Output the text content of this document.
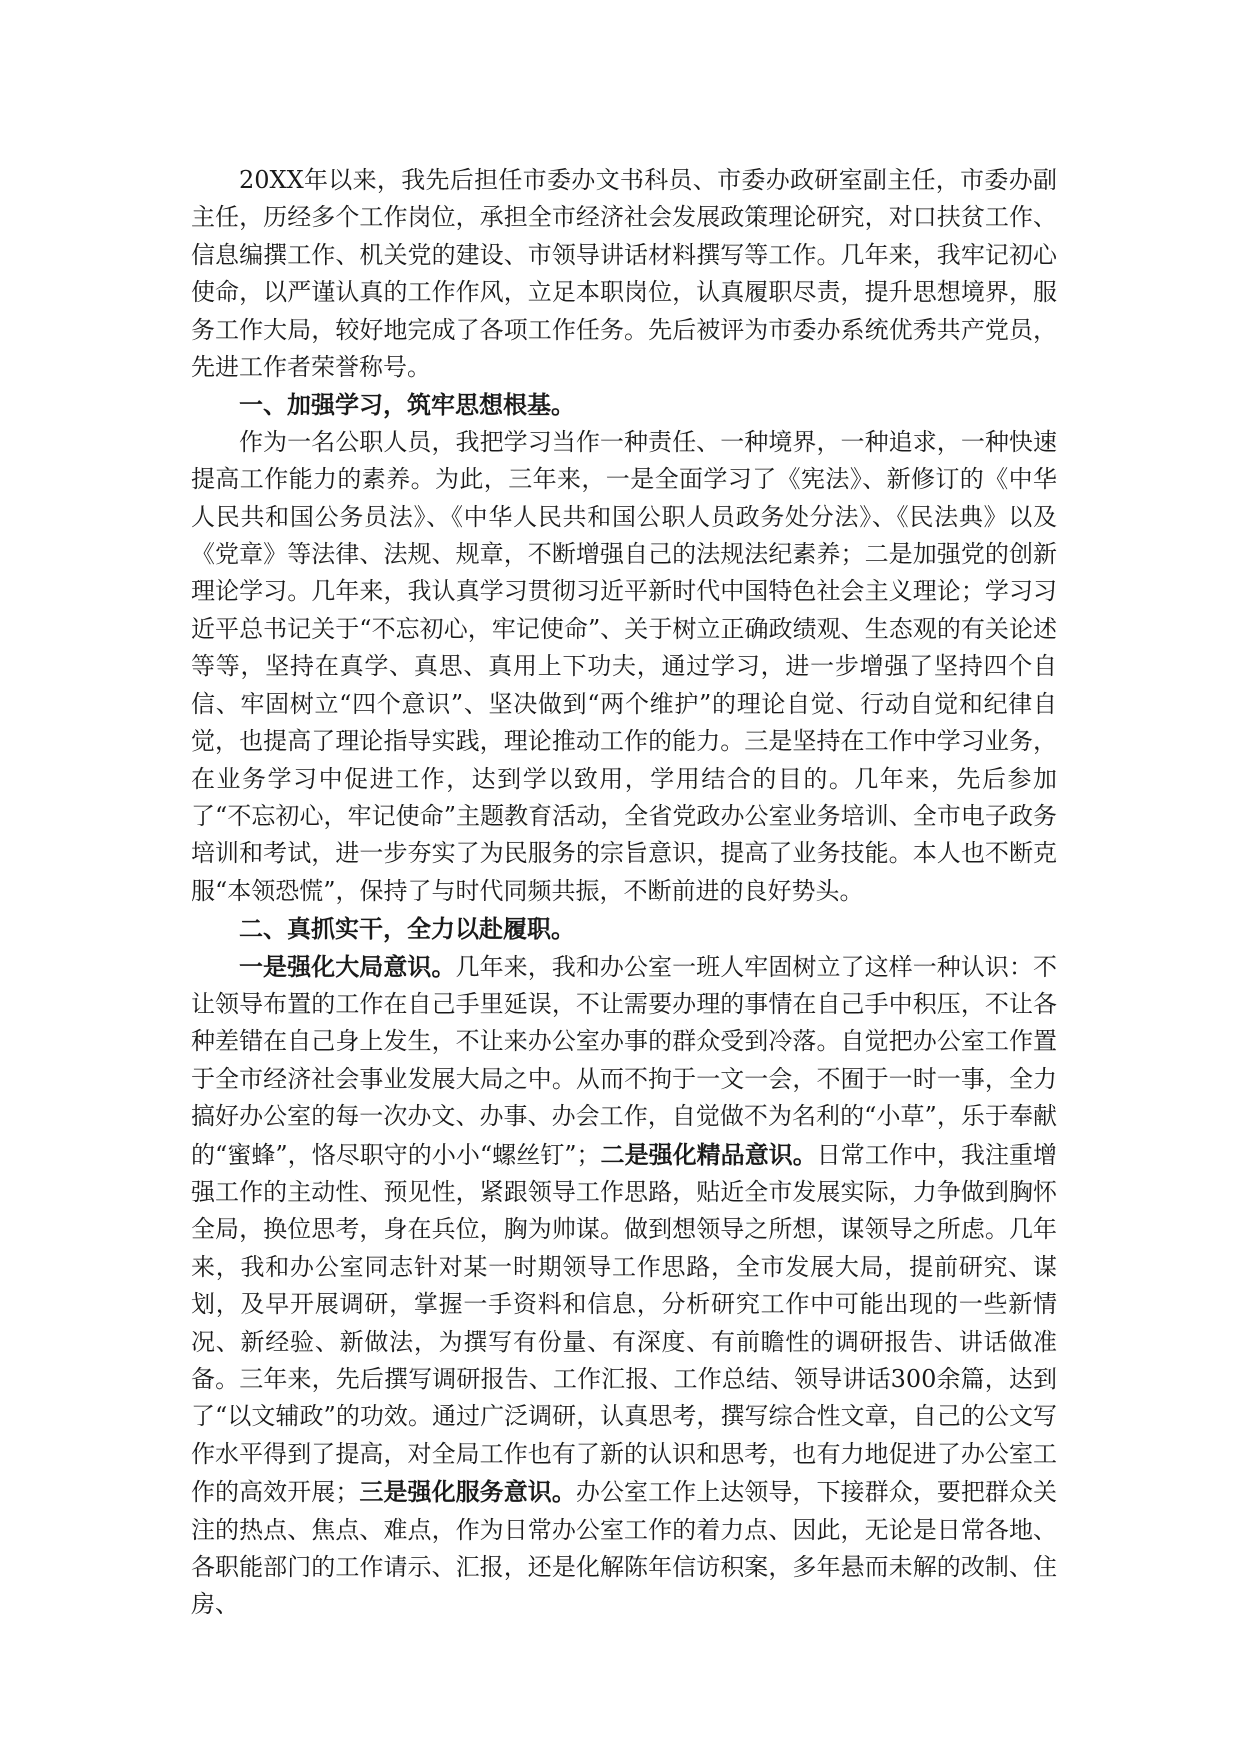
20XX年以来，我先后担任市委办文书科员、市委办政研室副主任，市委办副主任，历经多个工作岗位，承担全市经济社会发展政策理论研究，对口扶贫工作、信息编撰工作、机关党的建设、市领导讲话材料撰写等工作。几年来，我牢记初心使命，以严谨认真的工作作风，立足本职岗位，认真履职尽责，提升思想境界，服务工作大局，较好地完成了各项工作任务。先后被评为市委办系统优秀共产党员，先进工作者荣誉称号。

一、加强学习，筑牢思想根基。

作为一名公职人员，我把学习当作一种责任、一种境界，一种追求，一种快速提高工作能力的素养。为此，三年来，一是全面学习了《宪法》、新修订的《中华人民共和国公务员法》、《中华人民共和国公职人员政务处分法》、《民法典》以及《党章》等法律、法规、规章，不断增强自己的法规法纪素养；二是加强党的创新理论学习。几年来，我认真学习贯彻习近平新时代中国特色社会主义理论；学习习近平总书记关于“不忘初心，牢记使命”、关于树立正确政绩观、生态观的有关论述等等，坚持在真学、真思、真用上下功夫，通过学习，进一步增强了坚持四个自信、牢固树立“四个意识”、坚决做到“两个维护”的理论自觉、行动自觉和纪律自觉，也提高了理论指导实践，理论推动工作的能力。三是坚持在工作中学习业务，在业务学习中促进工作，达到学以致用，学用结合的目的。几年来，先后参加了“不忘初心，牢记使命”主题教育活动，全省党政办公室业务培训、全市电子政务培训和考试，进一步夯实了为民服务的宗旨意识，提高了业务技能。本人也不断克服“本领恐慌”，保持了与时代同频共振，不断前进的良好势头。

二、真抓实干，全力以赴履职。

一是强化大局意识。几年来，我和办公室一班人牢固树立了这样一种认识：不让领导布置的工作在自己手里延误，不让需要办理的事情在自己手中积压，不让各种差错在自己身上发生，不让来办公室办事的群众受到冷落。自觉把办公室工作置于全市经济社会事业发展大局之中。从而不拘于一文一会，不囿于一时一事，全力搞好办公室的每一次办文、办事、办会工作，自觉做不为名利的“小草”，乐于奉献的“蜜蜂”，恪尽职守的小小“螺丝钉”；二是强化精品意识。日常工作中，我注重增强工作的主动性、预见性，紧跟领导工作思路，贴近全市发展实际，力争做到胸怀全局，换位思考，身在兵位，胸为帅谋。做到想领导之所想，谋领导之所虑。几年来，我和办公室同志针对某一时期领导工作思路，全市发展大局，提前研究、谋划，及早开展调研，掌握一手资料和信息，分析研究工作中可能出现的一些新情况、新经验、新做法，为撰写有份量、有深度、有前瞻性的调研报告、讲话做准备。三年来，先后撰写调研报告、工作汇报、工作总结、领导讲话300余篇，达到了“以文辅政”的功效。通过广泛调研，认真思考，撰写综合性文章，自己的公文写作水平得到了提高，对全局工作也有了新的认识和思考，也有力地促进了办公室工作的高效开展；三是强化服务意识。办公室工作上达领导，下接群众，要把群众关注的热点、焦点、难点，作为日常办公室工作的着力点、因此，无论是日常各地、各职能部门的工作请示、汇报，还是化解陈年信访积案，多年悬而未解的改制、住房、
